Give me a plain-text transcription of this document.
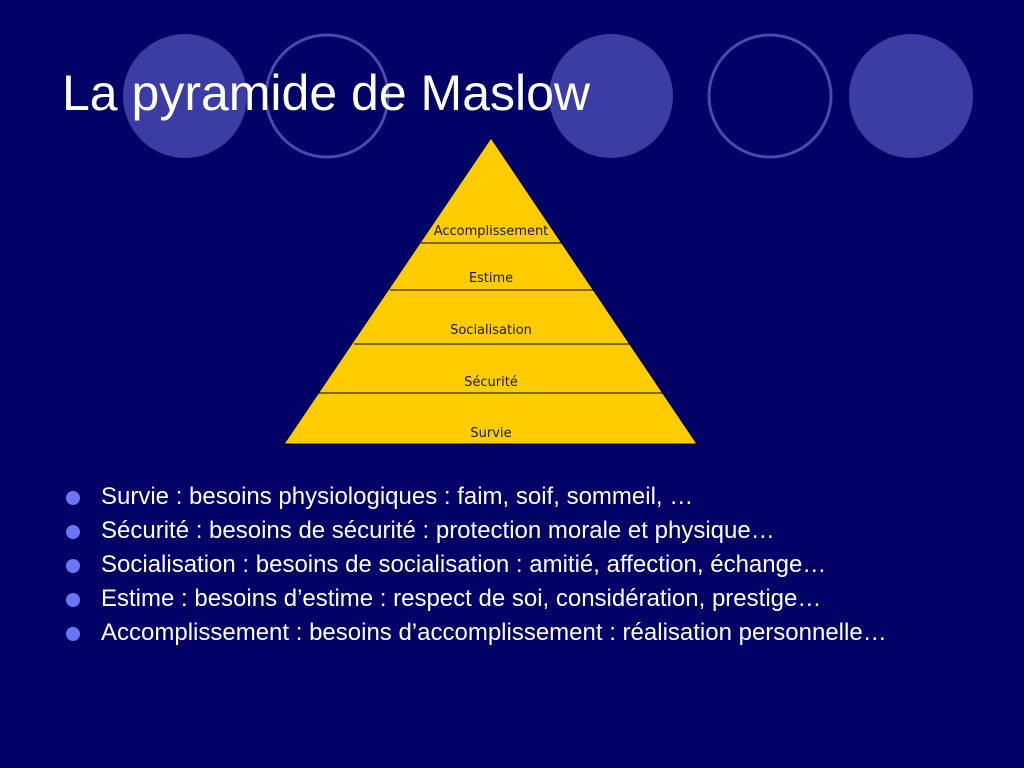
La pyramide de Maslow
Accomplissement
Estime
Socialisation
Sécurité
Survie
Survie : besoins physiologiques : faim, soif, sommeil, …
Sécurité : besoins de sécurité : protection morale et physique…
Socialisation : besoins de socialisation : amitié, affection, échange…
Estime : besoins d’estime : respect de soi, considération, prestige…
Accomplissement : besoins d’accomplissement : réalisation personnelle…
